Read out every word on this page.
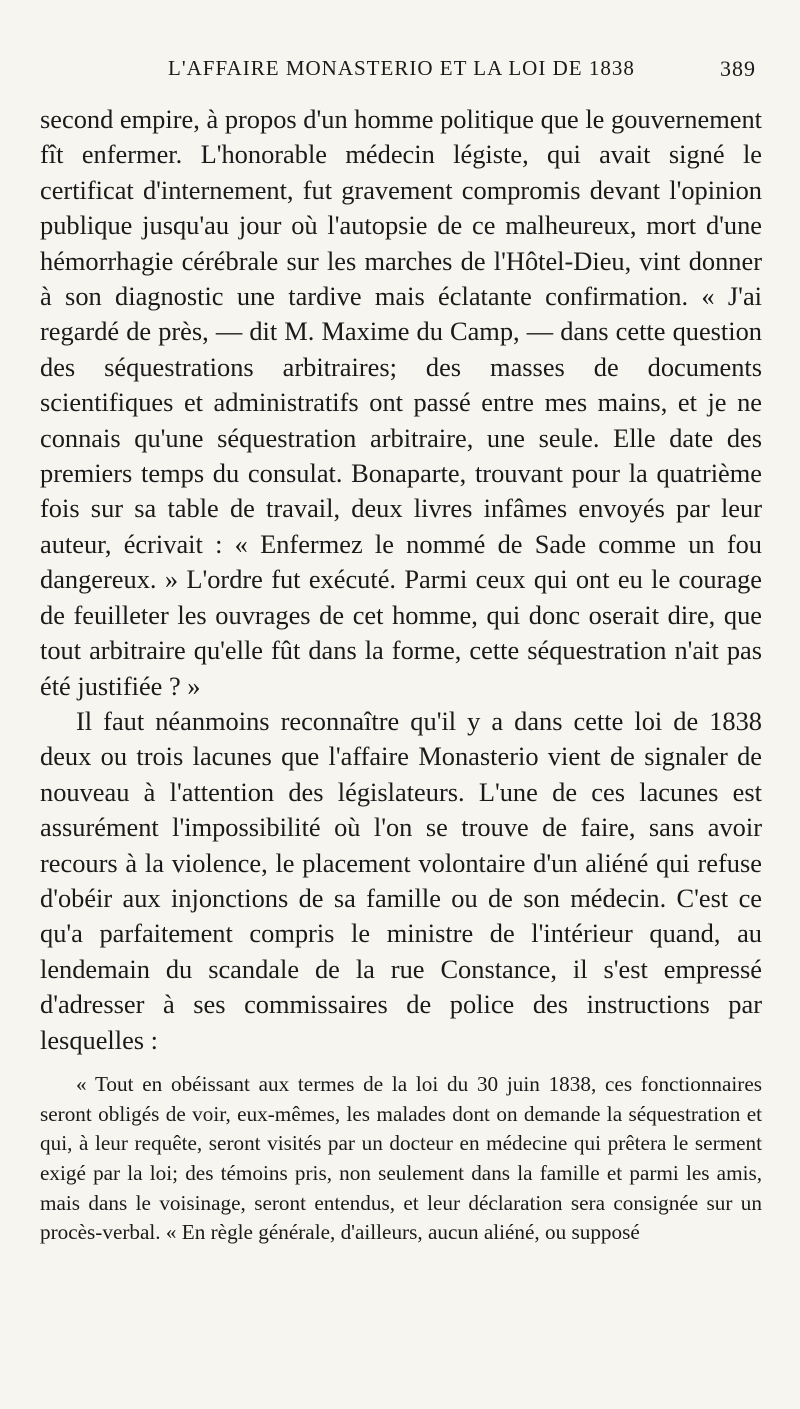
L'AFFAIRE MONASTERIO ET LA LOI DE 1838	389

second empire, à propos d'un homme politique que le gouvernement fît enfermer. L'honorable médecin légiste, qui avait signé le certificat d'internement, fut gravement compromis devant l'opinion publique jusqu'au jour où l'autopsie de ce malheureux, mort d'une hémorrhagie cérébrale sur les marches de l'Hôtel-Dieu, vint donner à son diagnostic une tardive mais éclatante confirmation. « J'ai regardé de près, — dit M. Maxime du Camp, — dans cette question des séquestrations arbitraires; des masses de documents scientifiques et administratifs ont passé entre mes mains, et je ne connais qu'une séquestration arbitraire, une seule. Elle date des premiers temps du consulat. Bonaparte, trouvant pour la quatrième fois sur sa table de travail, deux livres infâmes envoyés par leur auteur, écrivait : « Enfermez le nommé de Sade comme un fou dangereux. » L'ordre fut exécuté. Parmi ceux qui ont eu le courage de feuilleter les ouvrages de cet homme, qui donc oserait dire, que tout arbitraire qu'elle fût dans la forme, cette séquestration n'ait pas été justifiée ? »

Il faut néanmoins reconnaître qu'il y a dans cette loi de 1838 deux ou trois lacunes que l'affaire Monasterio vient de signaler de nouveau à l'attention des législateurs. L'une de ces lacunes est assurément l'impossibilité où l'on se trouve de faire, sans avoir recours à la violence, le placement volontaire d'un aliéné qui refuse d'obéir aux injonctions de sa famille ou de son médecin. C'est ce qu'a parfaitement compris le ministre de l'intérieur quand, au lendemain du scandale de la rue Constance, il s'est empressé d'adresser à ses commissaires de police des instructions par lesquelles :

« Tout en obéissant aux termes de la loi du 30 juin 1838, ces fonctionnaires seront obligés de voir, eux-mêmes, les malades dont on demande la séquestration et qui, à leur requête, seront visités par un docteur en médecine qui prêtera le serment exigé par la loi; des témoins pris, non seulement dans la famille et parmi les amis, mais dans le voisinage, seront entendus, et leur déclaration sera consignée sur un procès-verbal. « En règle générale, d'ailleurs, aucun aliéné, ou supposé
